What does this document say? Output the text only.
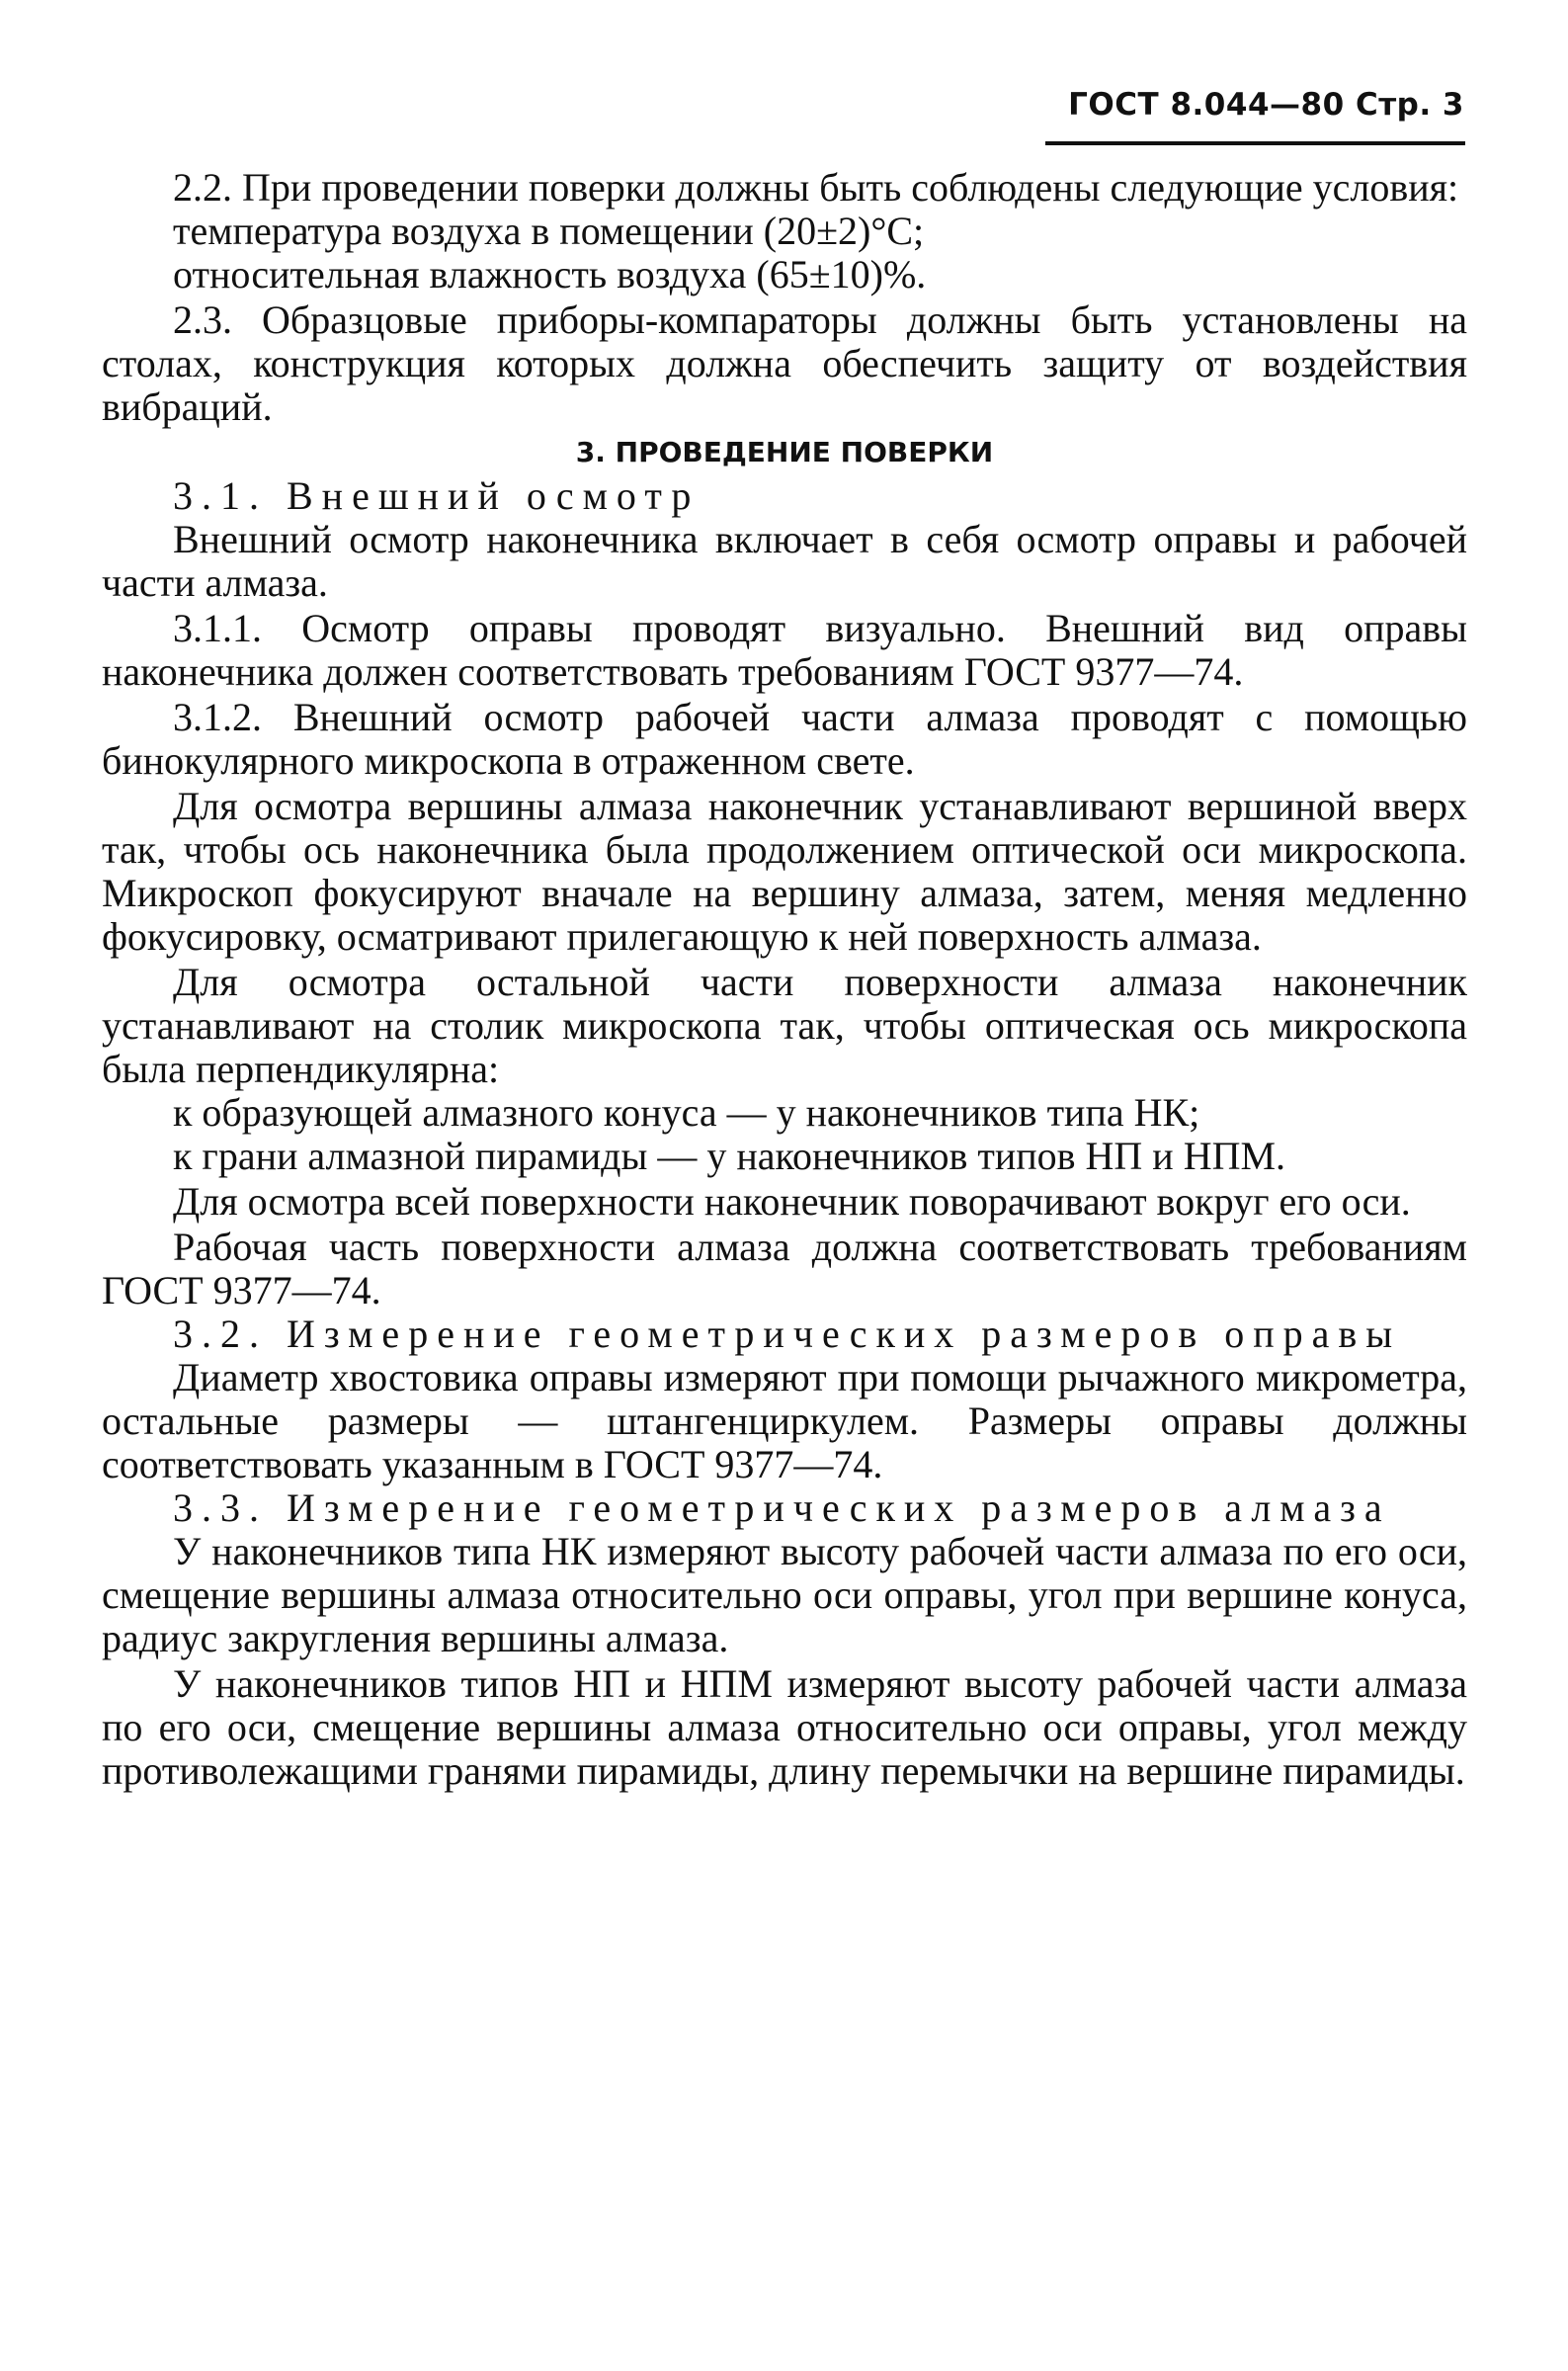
ГОСТ 8.044—80 Стр. 3

2.2. При проведении поверки должны быть соблюдены следующие условия:

температура воздуха в помещении (20±2)°С;

относительная влажность воздуха (65±10)%.

2.3. Образцовые приборы-компараторы должны быть установлены на столах, конструкция которых должна обеспечить защиту от воздействия вибраций.

3. ПРОВЕДЕНИЕ ПОВЕРКИ

3.1. Внешний осмотр

Внешний осмотр наконечника включает в себя осмотр оправы и рабочей части алмаза.

3.1.1. Осмотр оправы проводят визуально. Внешний вид оправы наконечника должен соответствовать требованиям ГОСТ 9377—74.

3.1.2. Внешний осмотр рабочей части алмаза проводят с помощью бинокулярного микроскопа в отраженном свете.

Для осмотра вершины алмаза наконечник устанавливают вершиной вверх так, чтобы ось наконечника была продолжением оптической оси микроскопа. Микроскоп фокусируют вначале на вершину алмаза, затем, меняя медленно фокусировку, осматривают прилегающую к ней поверхность алмаза.

Для осмотра остальной части поверхности алмаза наконечник устанавливают на столик микроскопа так, чтобы оптическая ось микроскопа была перпендикулярна:

к образующей алмазного конуса — у наконечников типа НК;

к грани алмазной пирамиды — у наконечников типов НП и НПМ.

Для осмотра всей поверхности наконечник поворачивают вокруг его оси.

Рабочая часть поверхности алмаза должна соответствовать требованиям ГОСТ 9377—74.

3.2. Измерение геометрических размеров оправы

Диаметр хвостовика оправы измеряют при помощи рычажного микрометра, остальные размеры — штангенциркулем. Размеры оправы должны соответствовать указанным в ГОСТ 9377—74.

3.3. Измерение геометрических размеров алмаза

У наконечников типа НК измеряют высоту рабочей части алмаза по его оси, смещение вершины алмаза относительно оси оправы, угол при вершине конуса, радиус закругления вершины алмаза.

У наконечников типов НП и НПМ измеряют высоту рабочей части алмаза по его оси, смещение вершины алмаза относительно оси оправы, угол между противолежащими гранями пирамиды, длину перемычки на вершине пирамиды.
